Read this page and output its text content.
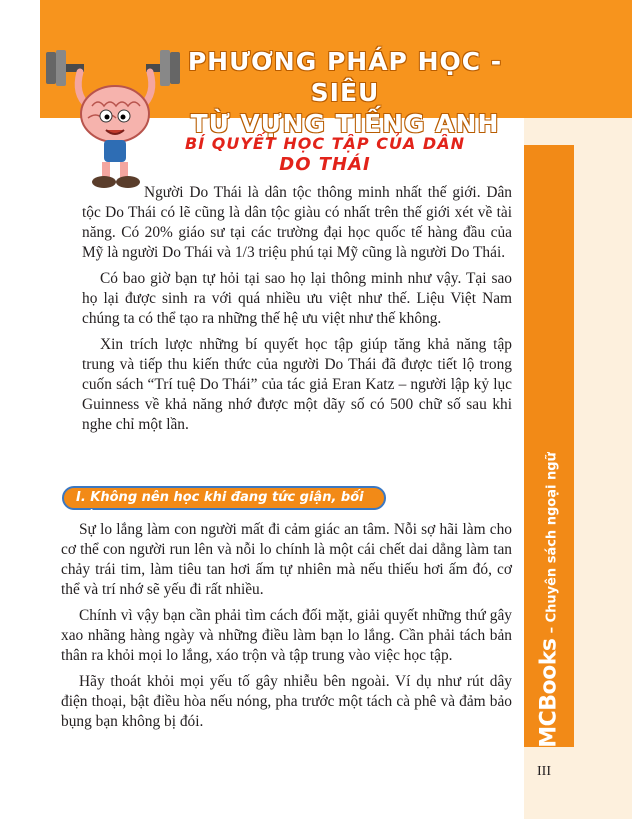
PHƯƠNG PHÁP HỌC - SIÊU
TỪ VỰNG TIẾNG ANH
MCBooks – Chuyên sách ngoại ngữ
BÍ QUYẾT HỌC TẬP CỦA DÂN
DO THÁI

Người Do Thái là dân tộc thông minh nhất thế giới. Dân tộc Do Thái có lẽ cũng là dân tộc giàu có nhất trên thế giới xét về tài năng. Có 20% giáo sư tại các trường đại học quốc tế hàng đầu của Mỹ là người Do Thái và 1/3 triệu phú tại Mỹ cũng là người Do Thái.

Có bao giờ bạn tự hỏi tại sao họ lại thông minh như vậy. Tại sao họ lại được sinh ra với quá nhiều ưu việt như thế. Liệu Việt Nam chúng ta có thể tạo ra những thế hệ ưu việt như thế không.

Xin trích lược những bí quyết học tập giúp tăng khả năng tập trung và tiếp thu kiến thức của người Do Thái đã được tiết lộ trong cuốn sách “Trí tuệ Do Thái” của tác giả Eran Katz – người lập kỷ lục Guinness về khả năng nhớ được một dãy số có 500 chữ số sau khi nghe chỉ một lần.

I. Không nên học khi đang tức giận, bối rối

Sự lo lắng làm con người mất đi cảm giác an tâm. Nỗi sợ hãi làm cho cơ thể con người run lên và nỗi lo chính là một cái chết dai dẳng làm tan chảy trái tim, làm tiêu tan hơi ấm tự nhiên mà nếu thiếu hơi ấm đó, cơ thể và trí nhớ sẽ yếu đi rất nhiều.

Chính vì vậy bạn cần phải tìm cách đối mặt, giải quyết những thứ gây xao nhãng hàng ngày và những điều làm bạn lo lắng. Cần phải tách bản thân ra khỏi mọi lo lắng, xáo trộn và tập trung vào việc học tập.

Hãy thoát khỏi mọi yếu tố gây nhiễu bên ngoài. Ví dụ như rút dây điện thoại, bật điều hòa nếu nóng, pha trước một tách cà phê và đảm bảo bụng bạn không bị đói.

III
